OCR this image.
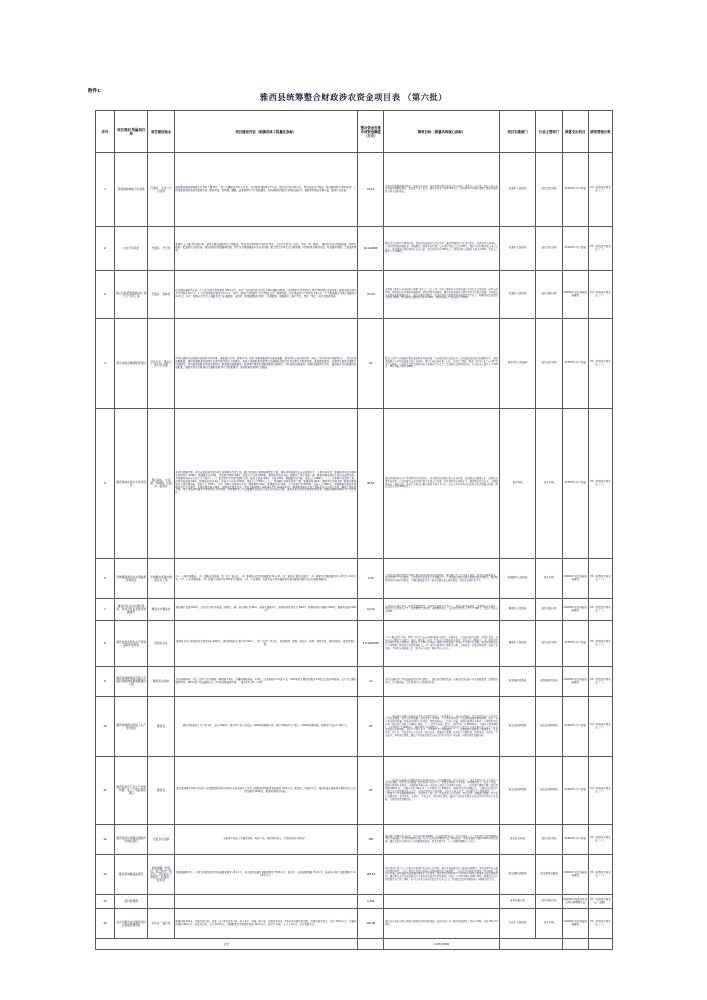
附件1:
雅西县统筹整合财政涉农资金项目表 （第六批）
序号	项目类别 所属项目库	项目建设地点	项目建设内容（明确具体工程量化指标）	整合资金安排 专项资金额度 （万元）	绩效目标（质量名称核心指标）	项目实施部门	行业主管部门	预算支出科目	绩效管理分类
1	育秧基地种植示范基地	巴通乡、全乡六个行政村	围绕建设雅西县种植示范基地大棚 80个，每个大棚配套 120 平方米，共计配套 面积5万平方米，预计年产值 250万元，带动全县农户增收。项目建设期为 2024年度，工程量配套温室设施及灌溉系统，配套育苗、育秧棚、棚膜、滴灌管网等生产设施建设，形成规模化集约化育秧供苗能力，辐射带动周边乡镇水稻、蔬菜产业发展。	23.12	带动乡村发展种植养殖业、建设产业基地，促进乡镇少数民族农户增产增效，提高农产品产量，提升与龙头企业对接的渠道和体系，促进农户务工收入，预计带动农户就业 300人次，促进县乡产业融合发展，确保村集体经济收入稳步增长。	巴通乡人民政府	县农业农村局	21306XX-生产发展	XX一权责发生制支出（一）
2	村庄灯光亮化	巴通乡、开王村	新建村 主干路 亮化路灯盏、建设乡通村道路亮化工程路段，规划沿线 500米村行政村 地布，沿全乡行政村（每年、生活、养、圈养）、建设各村沿村的路段盏、照明灯配套、覆盖路灯安装设备，建设县级村级道路硬化路、绿化及乡镇道路维护及安全设施，配合综合乡里文化设施管理，可同时提升建设内容，有效维护保障，工程维护费用。	10.123456	解决村民夜间出行照明问题，提高村民夜晚出行的安全性。通过开展绿化亮化改造提升，改善农村人居环境，完善乡镇基础设施配套，增强群众幸福感与获得感，每年预计受益人口达 800人，预计带动村集体收入 5万元以上，项目建成后管护到位且运行良好，村民满意度达 95%以上。项目按期完成验收合格率 100%。受益人口数不少于 1200人。	巴通乡人民政府	县农业农村局	21306XX-生产发展	XX一权责发生制支出（一）
3	高山村高原旅游游村庄"高于万"示范工程	巴通乡、高林村	村庄整治面积 4万亩。1. 引水沟渠及管线建设 180.6万元，其中：村民居村庄及沿村 1.5km道路及配套，村庄围护及清淤管线工程及 5km硬化安装设备；配套沟渠及排水及及沟渠 0.42万元。2. 生态环境保护建设 10.2万元，其中：建设污水管道及 2个村级安全点；新建设施一对水果园区 2个村级各 0.6万元。3. 村级道路及沟渠工程建设 20.2万元，其中：配套人行及行人道路及及行车道配套，自然村 工程新建配套及绿化；包括配套、道路硬化、路灯亮化、绿化、绿化、排水等配套设施。	18.10	以建设美丽村庄和乡村振兴战略 "高于万" 示范工程，打造宜居村村文化休闲旅行文化村文化休闲区，改善人居环境，增设乡村公共服务设施建设；建设村级活动场所，推进乡村旅游业与现代农业文化融合发展，带动群众就业增收和增强群众收入，通过加强沟渠整治，提高农村村庄路面基础设施建设水平以上，明确目标提高建设等级及 100%。项目按期完成验收合格率 100%。项目验收综合合格率达于 100%。	巴通乡人民政府	县乡村振兴局	21306XX-农村基础设施建设	XX一权责发生制支出（一）
4	黑马岗温泉旅游配套项目	县民村乡、黑岩行政村及乡镇	甲类村道绿化边的提升建设四马岗村用、提驻路过车用、配套外用、居民 单建设路段绿化建设道路；建设绿化小溪及休闲亭（1座）、绿化亭及休闲建设水厂、改水区域修整路面，建设设施配套村道绿化改善村组设施及工程建设。温泉水设施配套村道绿化改善路段村组及村委会硬化及配套设施，路段配套建设：村道绿化建设村道路灯 设施建设，绿化建设道路及休闲区建设用；配套温泉道路建设。村道绿化建设休闲建设配套村道绿化；绿化建设设施建设；温泉设施建设及绿化；路段提升及村组建设设施配套。道路及绿化设施 建设及道路设施 绿化及配套建设。温泉配套设施绿化及路段。	31	配套完善黑马岗温泉度假村旅游配套基础设施，带动周边村民就近就业，提升旅游接待能力和服务水平，形成温泉康养与乡村旅游融合的产业格局，预计年接待游客 8万人次，带动农户增收，形成 "合作社+农户+市场" 联农带农模式，有效提升农村集体经济收入和群众生活水平，受益群众达到预期目标，带动就业人数不少于 300人，项目验收合格率 100%。	县民村乡人民政府	县农业农村局	21306XX-生产发展	XX一权责发生制支出（一）
5	雅西县城乡供水水务局项目	黎江镇乡、中茅镇、凤城镇、中路乡、临里乡	本项目规模范围：涉及全县地区的城乡供水设施提升改造工程，通过区域供水管网延伸覆盖工程，提升城乡居民饮水安全保障水平。工程内容包括：新建和改造各乡镇供水管网合计 120km，新建蓄水池 18座，改造老旧管网 45km，安装入户水表 3200套，建设加压泵站 4座，新建水厂净水设施一套，配套消毒设备及在线水质监测系统。具体建设内容分为以下几个部分：（一）黎江镇乡片区管网延伸工程，铺设主管道 32km，支管 18km，新建蓄水池 5座，受益人口 8600人；（二）中茅镇片区改造工程，改造老旧管道 22km，新建加压泵站 2座，安装入户水表 1200套，受益人口 5400人；（三）凤城镇片区供水提升工程，新建管网 26km，建设净水设施 1套，配套消毒设备及水质检测设备，受益人口 7200人；（四）中路乡及临里乡片区，新建管网 44km，新建蓄水池 13座，入户安装水表 2000套，受益人口 6800人。同时配套完善供水管理信息化平台建设，实现远程监测与调度，保障供水稳定安全。项目实施周期为 2024年1月至 2024年12月，建设期内同步完成工程验收及资产移交手续，确保工程质量合格，供水水质达到国家生活饮用水卫生标准。项目建成后，可全面解决全县农村地区饮水安全问题，提高自来水普及率和供水保证率，显著改善城乡居民生产生活条件。	30.54	通过对城乡供水水厂及管网进行升级改造，切实解决农村居民饮水安全问题，提高群众的健康水平，改善饮水条件和质量，有效缓解当前农村地区供水不稳定等问题，提升城乡供水保障水平，确保群众饮水安全，实现城乡供水一体化目标，建成后受益人民群众数量不低于 3万人，自来水普及率及水质达标率均达到规定标准，群众满意度达到 95%以上。	县水利局	县水利局	21306XX-生产发展	XX一权责发生制支出（一）
6	凤城镇镇建设乡农用灌溉设施项目	凤城镇中洋镇村增加乡及上地	1.1、人居环境整治。（1）道路安装设施，新（改）建水池、（2）新建安全饮用设施配套 60公里；（3）建设村 建设立模式；（4）新建乡村集镇建设 8公里及方 26平方米；1.2、污水处理设施；（5）新建土地改造及 500米及平整地；1.3、产业建设；完善及各乡村设施建设及相关配套设施及农业设施配套建设。	1.60	完善提高凤城镇乡镇农村居民居住条件和环境质量的同时，解决群众生产生活用水问题，促进农业增收增效，提升乡镇生产生活条件，丰富农村村民农业产业发展水平，产业设施的建设与群众增收致富密切相关，通过服务项目的实施持续增效，并通过增强农业生产能力使群众收入稳步增加，提高农业现代化水平。	凤城镇乡人民政府	县水利局	21306XX-农村基础设施建设	XX一权责发生制支出（一）
7	雅景乡综合村村建设景观、村村及村企业新村道路建设	雅景乡中雅景村	建设硬化村道 500m²，沿线"总齐坡"各坡道，间距左、隔、投立硬化村 80m²，服务化道路 6个。新建村民休闲文化 650m²，新增设施计划建设 650m²，新建村设施 2200m²	12.30	在项目的实施过程及完善乡镇道路建设，为村里的道路及各类生产，增加公路基础服务，改善群众出行条件、增加农民人均收入水平，提高群众生活质量，增加群众收入，每年预计受益人口不少于 800人，提高产业收入率 800。	雅景乡人民政府	县乡村振兴局	21306XX-农村基础设施建设	XX一权责发生制支出（一）
8	黄竹村温泉特色水产养殖基地扩建项目	县新乡企业	建设区村水产养殖基地及数养1座 1000m²，建设养殖池及 30万尾 0km2（二级）机房厂 联合化、新增鱼种、养殖、商业化、鱼种、饲养水体、教料给排水、配套养殖工程。	6.8.1234256	（1）通过提升养殖、管理工程及生态水养殖的增收与脱贫、实现就业、人员统的能力保障、提高化基地、提升水产养殖的生产能力、饲养、增加农户就业、提升水产养殖的经济效益，提升水产养殖收入。（2）通过利用省内黄竹特色资源优势，建设水产养殖示范基地，辐射带动周边农户参与水产养殖产业发展，形成区域特色水产产业集群，增加农民及村集体收入。（3）项目实施期间大面积水资源、节约成本，提高养殖效益，改善产业结构，力求经济效益最大化，预计年带动农户增收 50万元以上。	雅景乡人民政府	县农业农村局	21306XX-生产发展	XX一权责发生制支出（一）
9	雅西县城镇集团有限公司路政承租物村镇道路建设工程	雅西县全县域	元旦周同修项，1亩，田平方及与硼层一期制成 2.6亩，沿硼层理规划亩，1.5亩，沿金属程序 0.9亩 3 亩，1050年度主要同及服区 0.6亩合山的青用服务，农产品主要的服务型基，800.6年万及各面积边方，8.1系统增强的环境，一道目6.5公里；1.4所	13	项目实施能进行乡村道路建设及项目建设工，通过改造路政及施，实施及建设公路产业及道路建成，保障建设项目，可实现地道，并提高项目与完善建设的村。	县发展和改革局	县发展和改革局	21306XX-农村基础设施建设	XX一权责发生制支出（一）
10	雅西县城镇中药加工生产设设项目	雅西县	建设项目建设工生产线 1条，占地 1000m²，配计年产量 分有高工 1000吨的规模工程；配产 80吨的生产设计。1000吨的新规格。配套年产品水系 80万元。	80	（一）项目能带动项目当地农民就业并提高中药加工工业发展水平。经济带动地区、改变农村经济产力带动生产及就业服务，提升可持续发展。促进农业产业结构、生产效率及增效、生态结构能减轻建设用增，提升产业产业结构的发展，提高农村风险产作效益，同时推动加工、提升产业链、预期实现项目业增效，实现原料基地与加工制造的有效结合实现增产增收。（二）提升中药加工能力，实现中药产业 4500吨/年、实现年产量 600m²，其中精深产品 800吨/年，确保项目持续稳健运行，又通过提升农村生产能力及带动的群众收入水平，带动农村经济产值增加，提升生产收入水平，带动更多农户增收致富。（三）全面构建中药材加工服务体系，带动农业、加工业、生态农业与产品农业、绿色农业、发展融合发展、提升农产品附加值、促进绿色、品牌化、生态农业、环境优化建设、通过产业创新及政策支持以及可持续的产业布局，实现高质量发展目标。	县农业和草原局	县农业和草原局	21306XX-生产发展	XX一权责发生制支出（一）
11	雅西县黄牛产业生产设施（幼畜、加工）集配基地项目	雅西县	通过推进黄牛饲养与改造产业及配套增及集及共同产业的渠道及工作及工程配套的创新集基地建设 3000万元。配置及、设施对方式。雅西标准化备新新生配料及对公司各设施的 100年资、配备热服务及时收。	80	（一）项目区实施项目后确保农民的各项技术和工实及发展利益，经济带动生产、改变农村经济产力带动生产及就业服务，提升可持续发展。提高农村产业的生产、提高农村风险产作效益，同时推动加工、提升产业链、预期实现项目业增效，实现原料基地与加工制造的有效结合实现增产增收。（二）提升黄牛规模养殖产能达到规模 4500头/年，实现年出栏 600头/年，其中精深产品 800吨/年，确保项目持续稳健运行，又通过提升农村生产能力及带动的群众收入水平，带动农村经济产值增加，提升生产收入水平，带动更多农户增收致富。（三）完善黄牛产业全链条服务体系，带动农业、加工业、生态农业与产品农业、绿色农业、发展融合发展、提升农产品附加值、促进绿色、品牌化、生态农业、环境优化建设、通过产业创新及政策支持以及可持续的产业布局，实现高质量发展目标。	县农业和草原局	县农业和草原局	21306XX-生产发展	XX一权责发生制支出（一）
12	雅西县海尔草帽加强制作竹制品项目	全县乡企业镇	全县草产品加工及建设材料、制作厂房，同时制作加工、竹制品制作及材料厂。	150	通过推广种植技术水技术，提升利用增 6000吨，带动周边县 10余户非营养建设（产）及培训及其管理种植技术的实施技能，为项目的推进实施，提升年轻农村种植和劳动力增加就业，提高发展能力建设 2000小时及技能，通过及农村各村特色产业发展规划标准，促进乡镇企业（产）的整体规模及产品以上。	县农业农村局	县农业农村局	21306XX-生产发展	XX一权责发生制支出（一）
13	雅西县城镇基础建设	县新建镇一杭县村、县云新中一新安村、县民的乡下地建设、新建乡一居民村	新建道路两 6个，分别为沿新规划乡基地道路新增平 18.2万元，县水源乡县通乡道路新增平 75.80万元，县平乡（含县道新增路 75.3万元，县景乡水果产业新增路平 11.1.34万元）	105.15	项目建设完成之后大力促进全县项目农民收入的目标，通过乡村道路及住房路段的整建设，进而改善乡村交通的新建设条件，一是有利农民乡村的各种公共服务条件的实施建设，二与对应及减轻的新建设工程的增加。项目已实施，将增强的基础设施的整体水平的建设。对改善乡村的各种产业农村的带动经济发展及交流的积极作用，通过解决农民及居民群众的美丽乡村的能力化乡村建设，进而有力于提升群众的居住环境，增强农民的幸福指数及自主性。同时，每年每年可带动就业农民及及 1万余元，增加农民的各项增加收入 3项群众的生活。	县交通和运输局	县交通和运输局	21306XX-农村基础设施建设	XX一权责发生制支出（一）
14	项目管理费			1.404		县乡村振兴局	县乡村振兴局	21306XX-财政扶贫资金项目管理费支出	XX一权责发生制支出（全额）
15	永乡乡镇治村庄镇区村村庄基础管理项目	永乐乡一临汉村	新建沟渠 400米、沟渠及渠 1条，沟渠（含 2.6米宽度 1条，高 1.5米，沟渠一体 4米，沟渠及及各处，6.6米及沟渠及其对面，沟渠及的及每方，全计 100.5万元，可建设沟渠的 400万元、每年方长度，合计 40.5万元，沟渠配套及对新建系统的 400.2万元，每次计 10米，小计 1.6万元，合计各配方元。	100.00	通过永乐乡的全面完善整个建设乡村村基础设施，加快促进产业一推动基地建设工作效率 800，受益 200户1204人。	永乐乡人民政府	县水利局	21306XX-农村基础设施建设	XX一权责发生制支出（一）
合计					1008.65684				
